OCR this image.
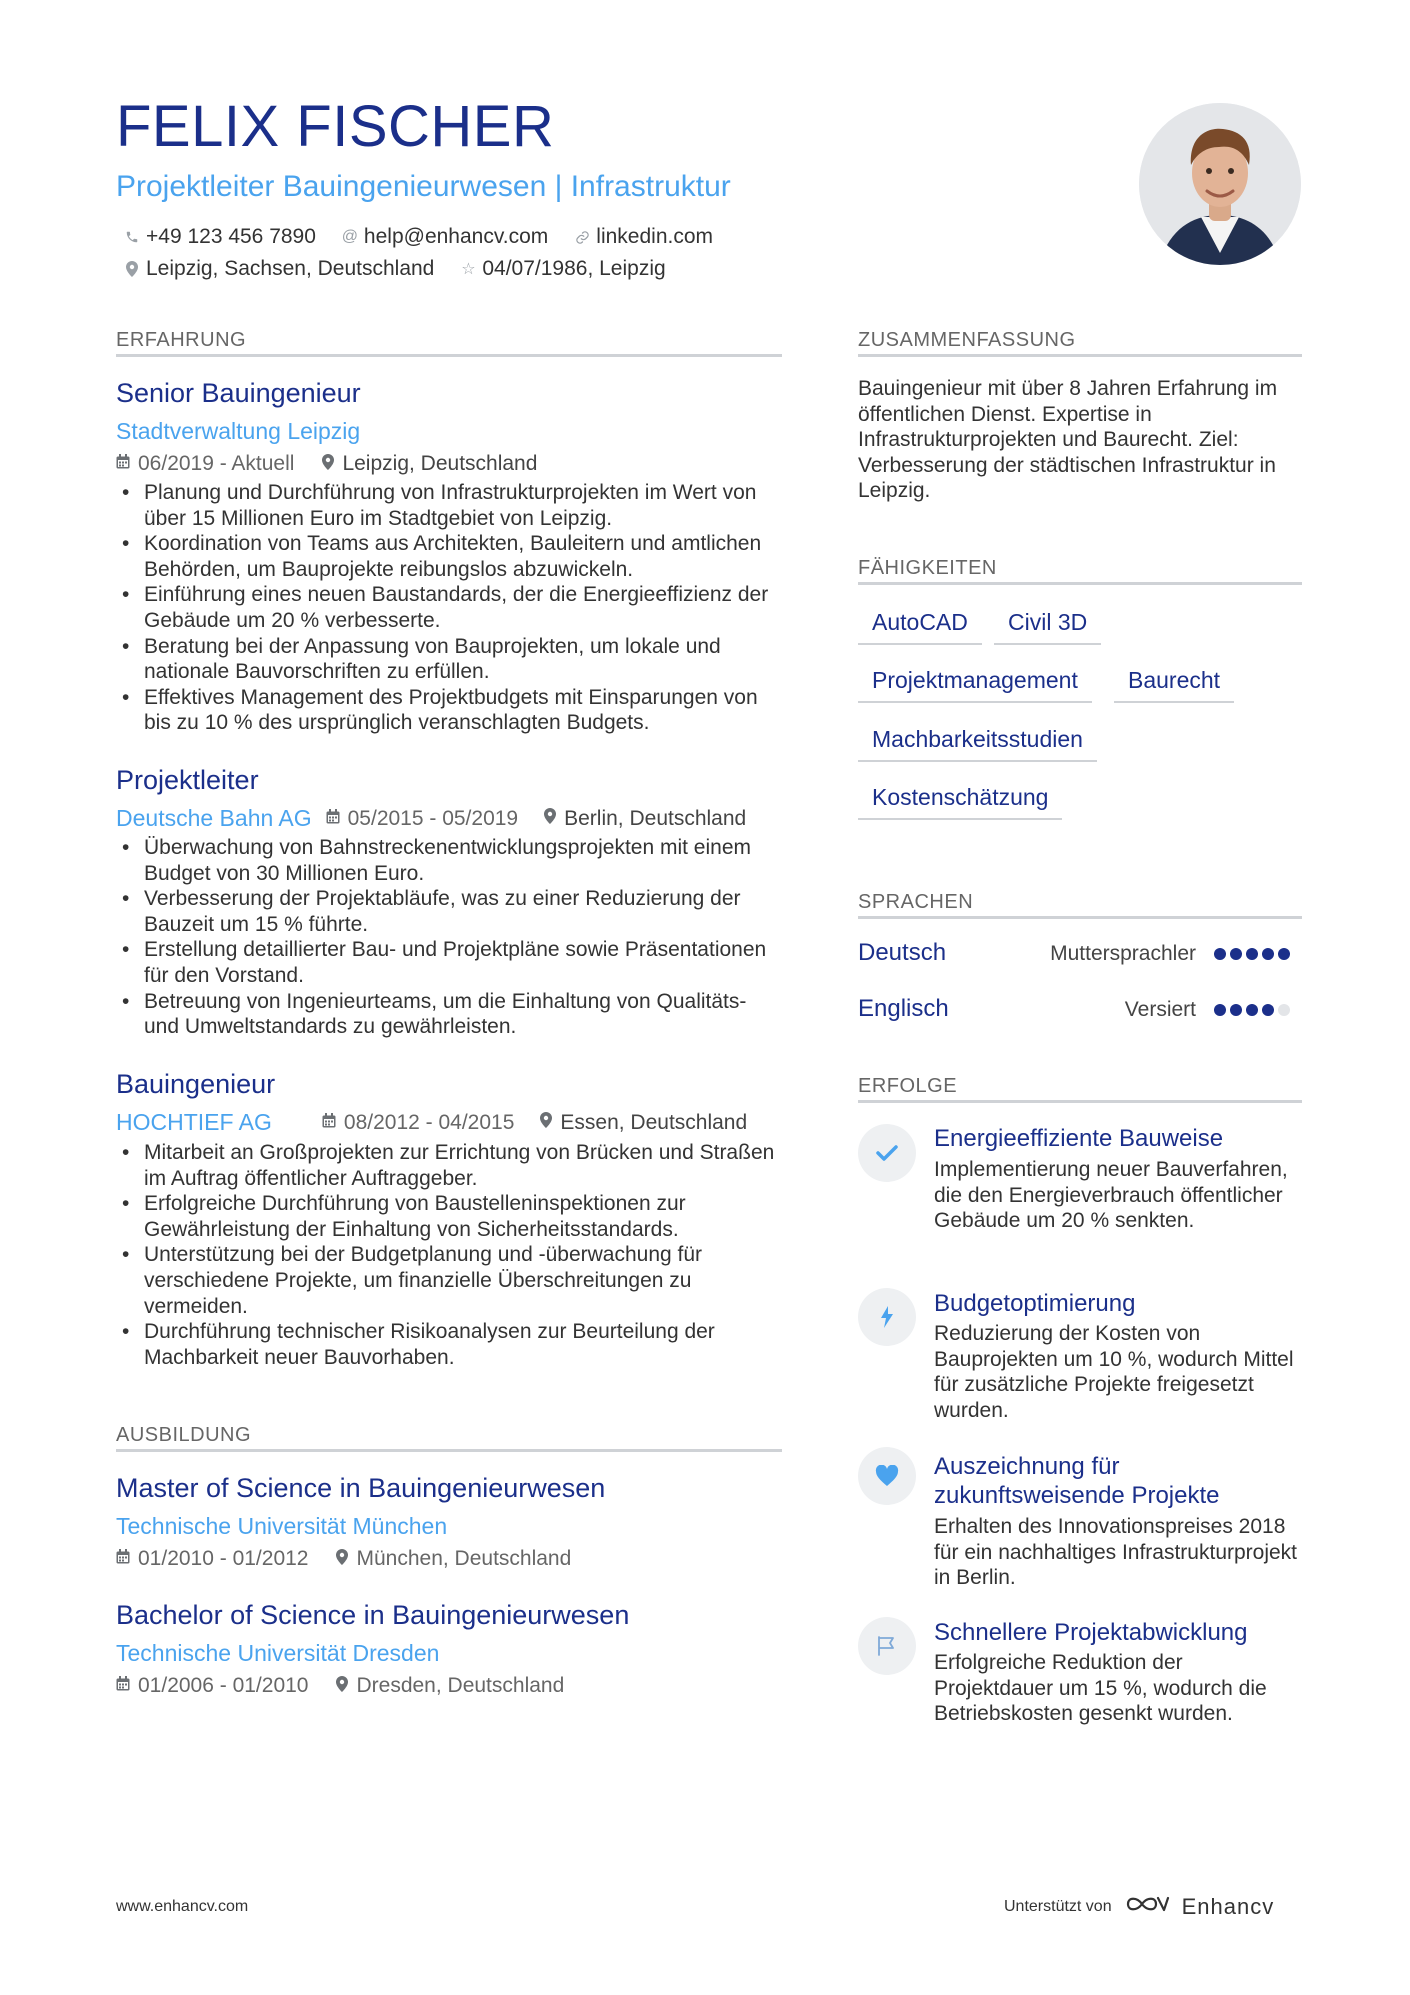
FELIX FISCHER
Projektleiter Bauingenieurwesen | Infrastruktur
+49 123 456 7890 @ help@enhancv.com linkedin.com
Leipzig, Sachsen, Deutschland ☆ 04/07/1986, Leipzig
ERFAHRUNG
Senior Bauingenieur
Stadtverwaltung Leipzig
06/2019 - Aktuell Leipzig, Deutschland
• Planung und Durchführung von Infrastrukturprojekten im Wert von über 15 Millionen Euro im Stadtgebiet von Leipzig.
• Koordination von Teams aus Architekten, Bauleitern und amtlichen Behörden, um Bauprojekte reibungslos abzuwickeln.
• Einführung eines neuen Baustandards, der die Energieeffizienz der Gebäude um 20 % verbesserte.
• Beratung bei der Anpassung von Bauprojekten, um lokale und nationale Bauvorschriften zu erfüllen.
• Effektives Management des Projektbudgets mit Einsparungen von bis zu 10 % des ursprünglich veranschlagten Budgets.
Projektleiter
Deutsche Bahn AG 05/2015 - 05/2019 Berlin, Deutschland
• Überwachung von Bahnstreckenentwicklungsprojekten mit einem Budget von 30 Millionen Euro.
• Verbesserung der Projektabläufe, was zu einer Reduzierung der Bauzeit um 15 % führte.
• Erstellung detaillierter Bau- und Projektpläne sowie Präsentationen für den Vorstand.
• Betreuung von Ingenieurteams, um die Einhaltung von Qualitäts- und Umweltstandards zu gewährleisten.
Bauingenieur
HOCHTIEF AG	08/2012 - 04/2015 Essen, Deutschland
• Mitarbeit an Großprojekten zur Errichtung von Brücken und Straßen im Auftrag öffentlicher Auftraggeber.
• Erfolgreiche Durchführung von Baustelleninspektionen zur Gewährleistung der Einhaltung von Sicherheitsstandards.
• Unterstützung bei der Budgetplanung und -überwachung für verschiedene Projekte, um finanzielle Überschreitungen zu vermeiden.
• Durchführung technischer Risikoanalysen zur Beurteilung der Machbarkeit neuer Bauvorhaben.
AUSBILDUNG
Master of Science in Bauingenieurwesen
Technische Universität München
01/2010 - 01/2012 München, Deutschland
Bachelor of Science in Bauingenieurwesen
Technische Universität Dresden
01/2006 - 01/2010 Dresden, Deutschland
ZUSAMMENFASSUNG
Bauingenieur mit über 8 Jahren Erfahrung im öffentlichen Dienst. Expertise in Infrastrukturprojekten und Baurecht. Ziel: Verbesserung der städtischen Infrastruktur in Leipzig.
FÄHIGKEITEN
AutoCAD	Civil 3D
Projektmanagement	Baurecht
Machbarkeitsstudien
Kostenschätzung
SPRACHEN
Deutsch	Muttersprachler
Englisch	Versiert
ERFOLGE
Energieeffiziente Bauweise
Implementierung neuer Bauverfahren, die den Energieverbrauch öffentlicher Gebäude um 20 % senkten.
Budgetoptimierung
Reduzierung der Kosten von Bauprojekten um 10 %, wodurch Mittel für zusätzliche Projekte freigesetzt wurden.
Auszeichnung für zukunftsweisende Projekte
Erhalten des Innovationspreises 2018 für ein nachhaltiges Infrastrukturprojekt in Berlin.
Schnellere Projektabwicklung
Erfolgreiche Reduktion der Projektdauer um 15 %, wodurch die Betriebskosten gesenkt wurden.
www.enhancv.com	Unterstützt von	Enhancv
